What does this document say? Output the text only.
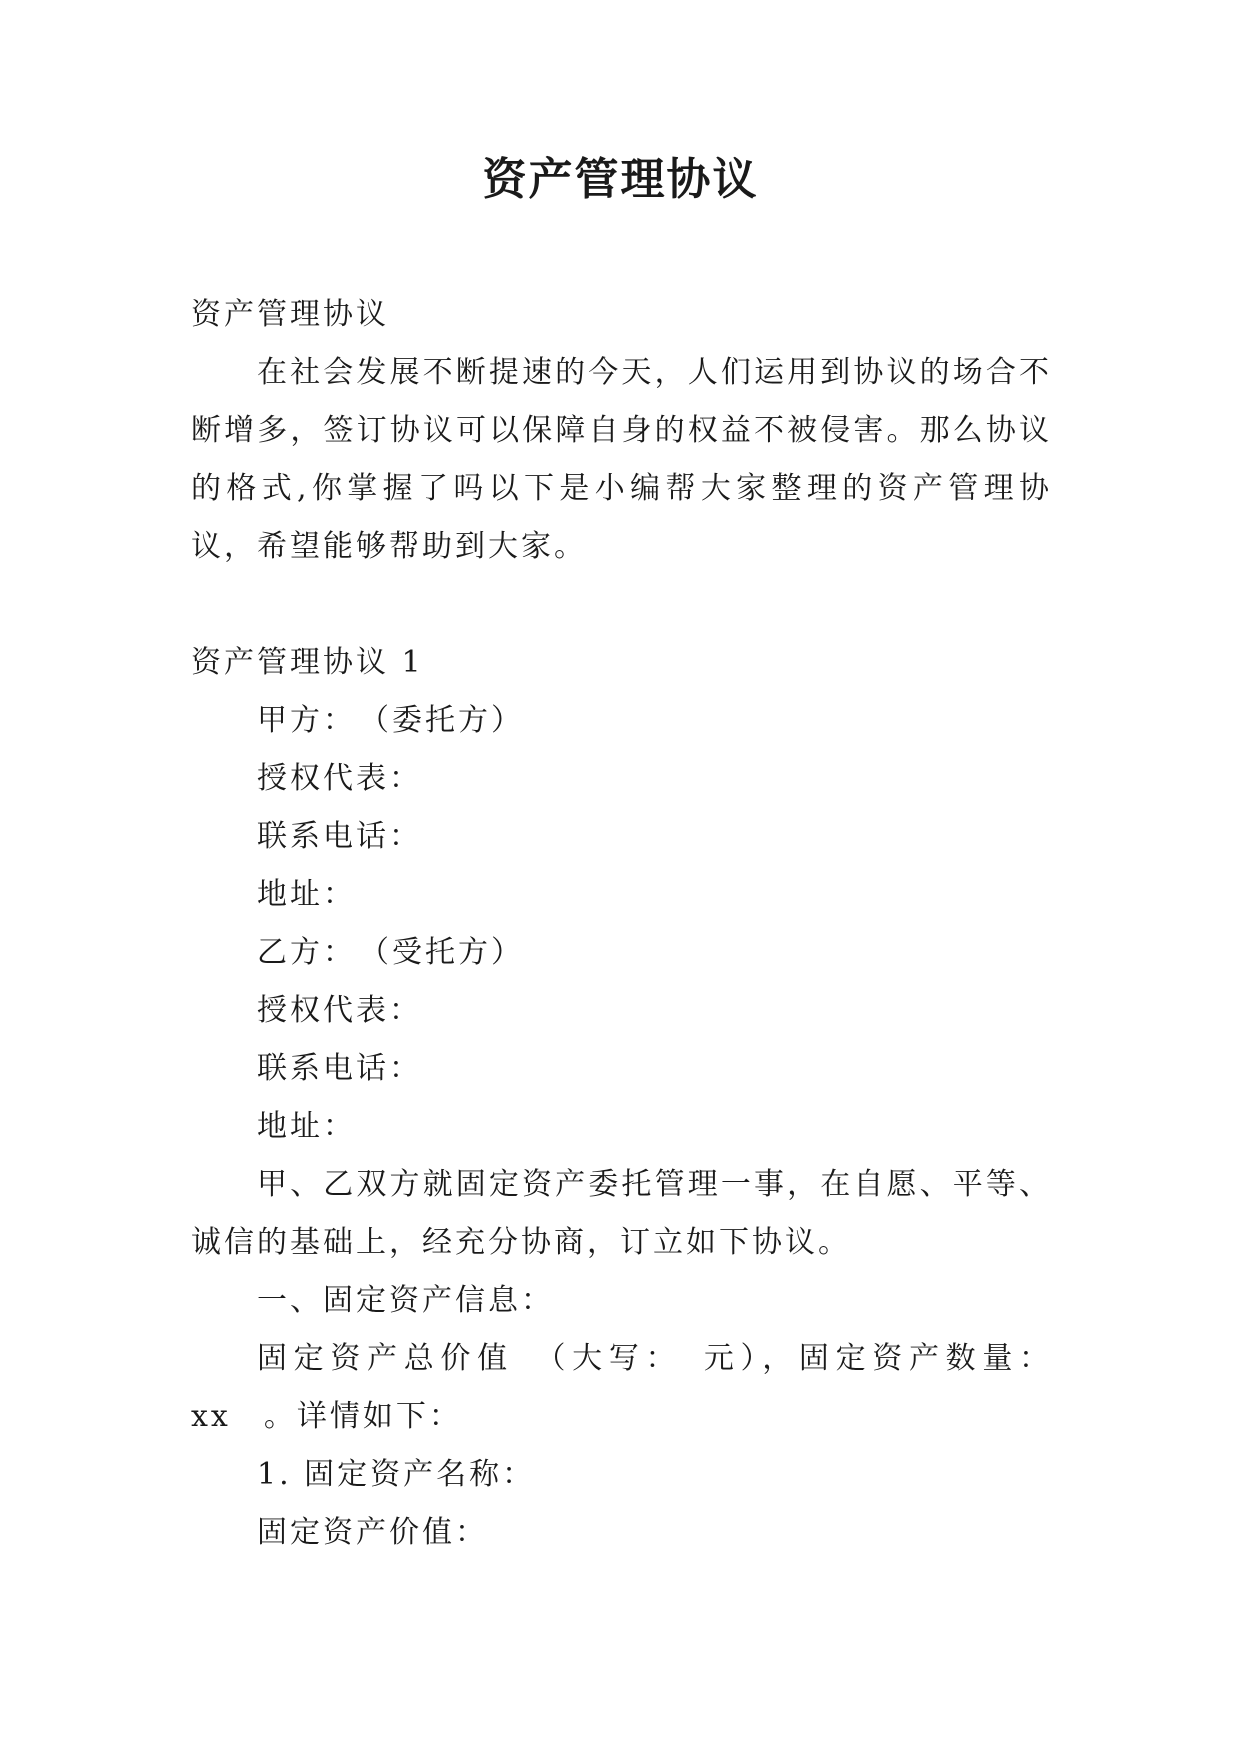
资产管理协议

资产管理协议

在社会发展不断提速的今天，人们运用到协议的场合不断增多，签订协议可以保障自身的权益不被侵害。那么协议的格式,你掌握了吗以下是小编帮大家整理的资产管理协议，希望能够帮助到大家。

资产管理协议 1

甲方：　（委托方）

授权代表：

联系电话：

地址：

乙方：　（受托方）

授权代表：

联系电话：

地址：

甲、乙双方就固定资产委托管理一事，在自愿、平等、诚信的基础上，经充分协商，订立如下协议。

一、固定资产信息：

固定资产总价值　（大写：　元），固定资产数量：xx　。详情如下：

1. 固定资产名称：

固定资产价值：
